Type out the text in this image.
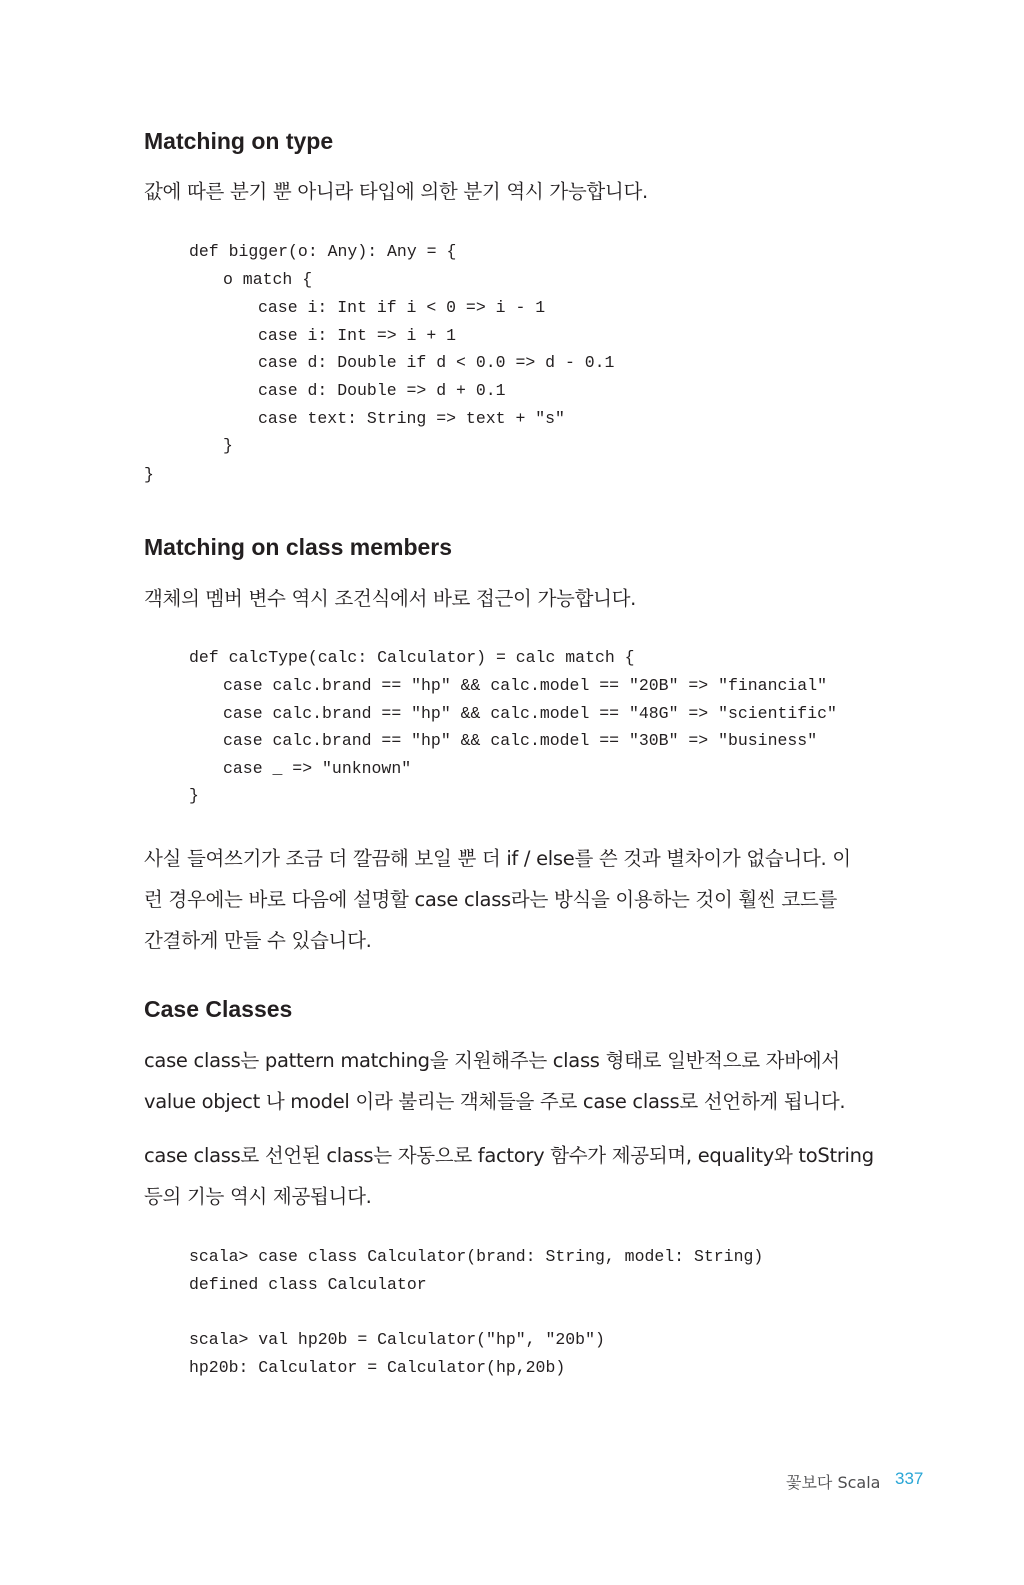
Matching on type
값에 따른 분기 뿐 아니라 타입에 의한 분기 역시 가능합니다.
def bigger(o: Any): Any = {
o match {
case i: Int if i < 0 => i - 1
case i: Int => i + 1
case d: Double if d < 0.0 => d - 0.1
case d: Double => d + 0.1
case text: String => text + "s"
}
}
Matching on class members
객체의 멤버 변수 역시 조건식에서 바로 접근이 가능합니다.
def calcType(calc: Calculator) = calc match {
case calc.brand == "hp" && calc.model == "20B" => "financial"
case calc.brand == "hp" && calc.model == "48G" => "scientific"
case calc.brand == "hp" && calc.model == "30B" => "business"
case _ => "unknown"
}
사실 들여쓰기가 조금 더 깔끔해 보일 뿐 더 if / else를 쓴 것과 별차이가 없습니다. 이
런 경우에는 바로 다음에 설명할 case class라는 방식을 이용하는 것이 훨씬 코드를
간결하게 만들 수 있습니다.
Case Classes
case class는 pattern matching을 지원해주는 class 형태로 일반적으로 자바에서
value object 나 model 이라 불리는 객체들을 주로 case class로 선언하게 됩니다.
case class로 선언된 class는 자동으로 factory 함수가 제공되며, equality와 toString
등의 기능 역시 제공됩니다.
scala> case class Calculator(brand: String, model: String)
defined class Calculator
scala> val hp20b = Calculator("hp", "20b")
hp20b: Calculator = Calculator(hp,20b)
꽃보다 Scala 337
